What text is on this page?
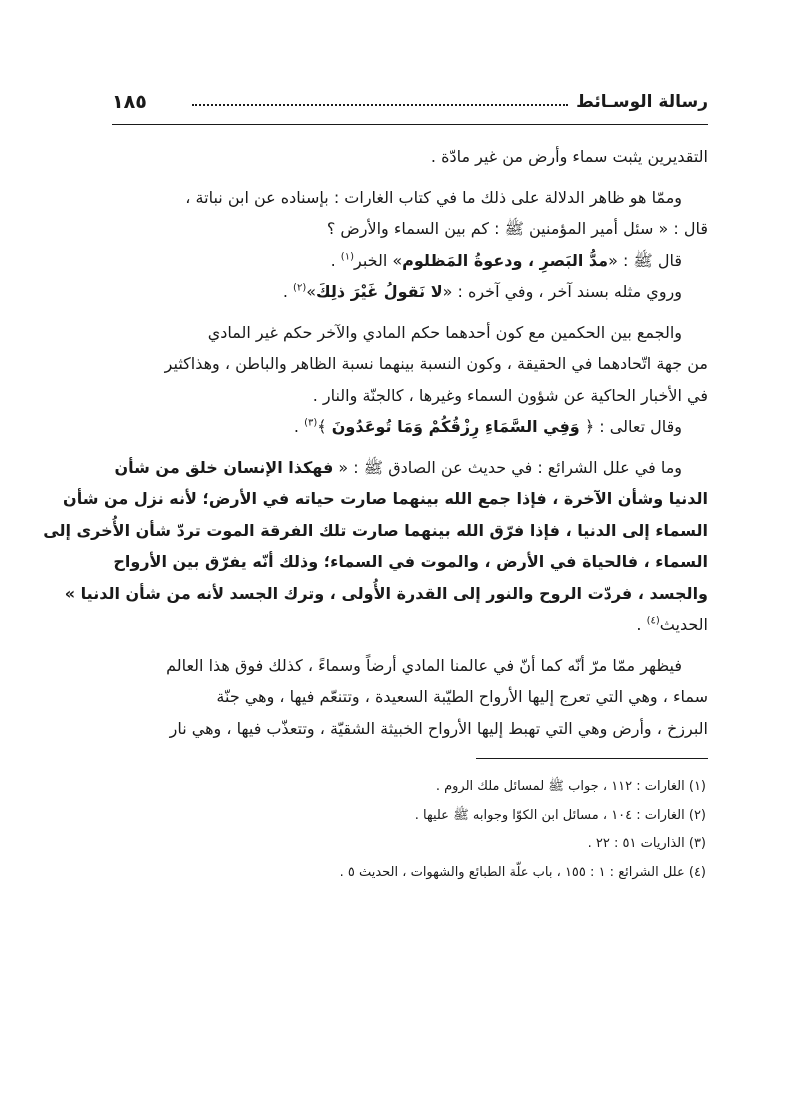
رسالة الوسـائط
١٨٥

التقديرين يثبت سماء وأرض من غير مادّة .

وممّا هو ظاهر الدلالة على ذلك ما في كتاب الغارات : بإسناده عن ابن نباتة ،

قال : « سئل أمير المؤمنين ﷺ : كم بين السماء والأرض ؟

قال ﷺ : «مدُّ البَصرِ ، ودعوةُ المَظلوم» الخبر$^{(١)}$ .

وروي مثله بسند آخر ، وفي آخره : «لا نَقولُ غَيْرَ ذلِكَ»$^{(٢)}$ .

والجمع بين الحكمين مع كون أحدهما حكم المادي والآخر حكم غير المادي

من جهة اتّحادهما في الحقيقة ، وكون النسبة بينهما نسبة الظاهر والباطن ، وهذاكثير

في الأخبار الحاكية عن شؤون السماء وغيرها ، كالجنّة والنار .

وقال تعالى : ﴿ وَفِي السَّمَاءِ رِزْقُكُمْ وَمَا تُوعَدُونَ ﴾$^{(٣)}$ .

وما في علل الشرائع : في حديث عن الصادق ﷺ : « فهكذا الإنسان خلق من شأن

الدنيا وشأن الآخرة ، فإذا جمع الله بينهما صارت حياته في الأرض؛ لأنه نزل من شأن

السماء إلى الدنيا ، فإذا فرّق الله بينهما صارت تلك الفرقة الموت تردّ شأن الأُخرى إلى

السماء ، فالحياة في الأرض ، والموت في السماء؛ وذلك أنّه يفرّق بين الأرواح

والجسد ، فردّت الروح والنور إلى القدرة الأُولى ، وترك الجسد لأنه من شأن الدنيا »

الحديث$^{(٤)}$ .

فيظهر ممّا مرّ أنّه كما أنّ في عالمنا المادي أرضاً وسماءً ، كذلك فوق هذا العالم

سماء ، وهي التي تعرج إليها الأرواح الطيّبة السعيدة ، وتتنعّم فيها ، وهي جنّة

البرزخ ، وأرض وهي التي تهبط إليها الأرواح الخبيثة الشقيّة ، وتتعذّب فيها ، وهي نار

(١) الغارات : ١١٢ ، جواب ﷺ لمسائل ملك الروم .

(٢) الغارات : ١٠٤ ، مسائل ابن الكوّا وجوابه ﷺ عليها .

(٣) الذاريات ٥١ : ٢٢ .

(٤) علل الشرائع : ١ : ١٥٥ ، باب علّة الطبائع والشهوات ، الحديث ٥ .
